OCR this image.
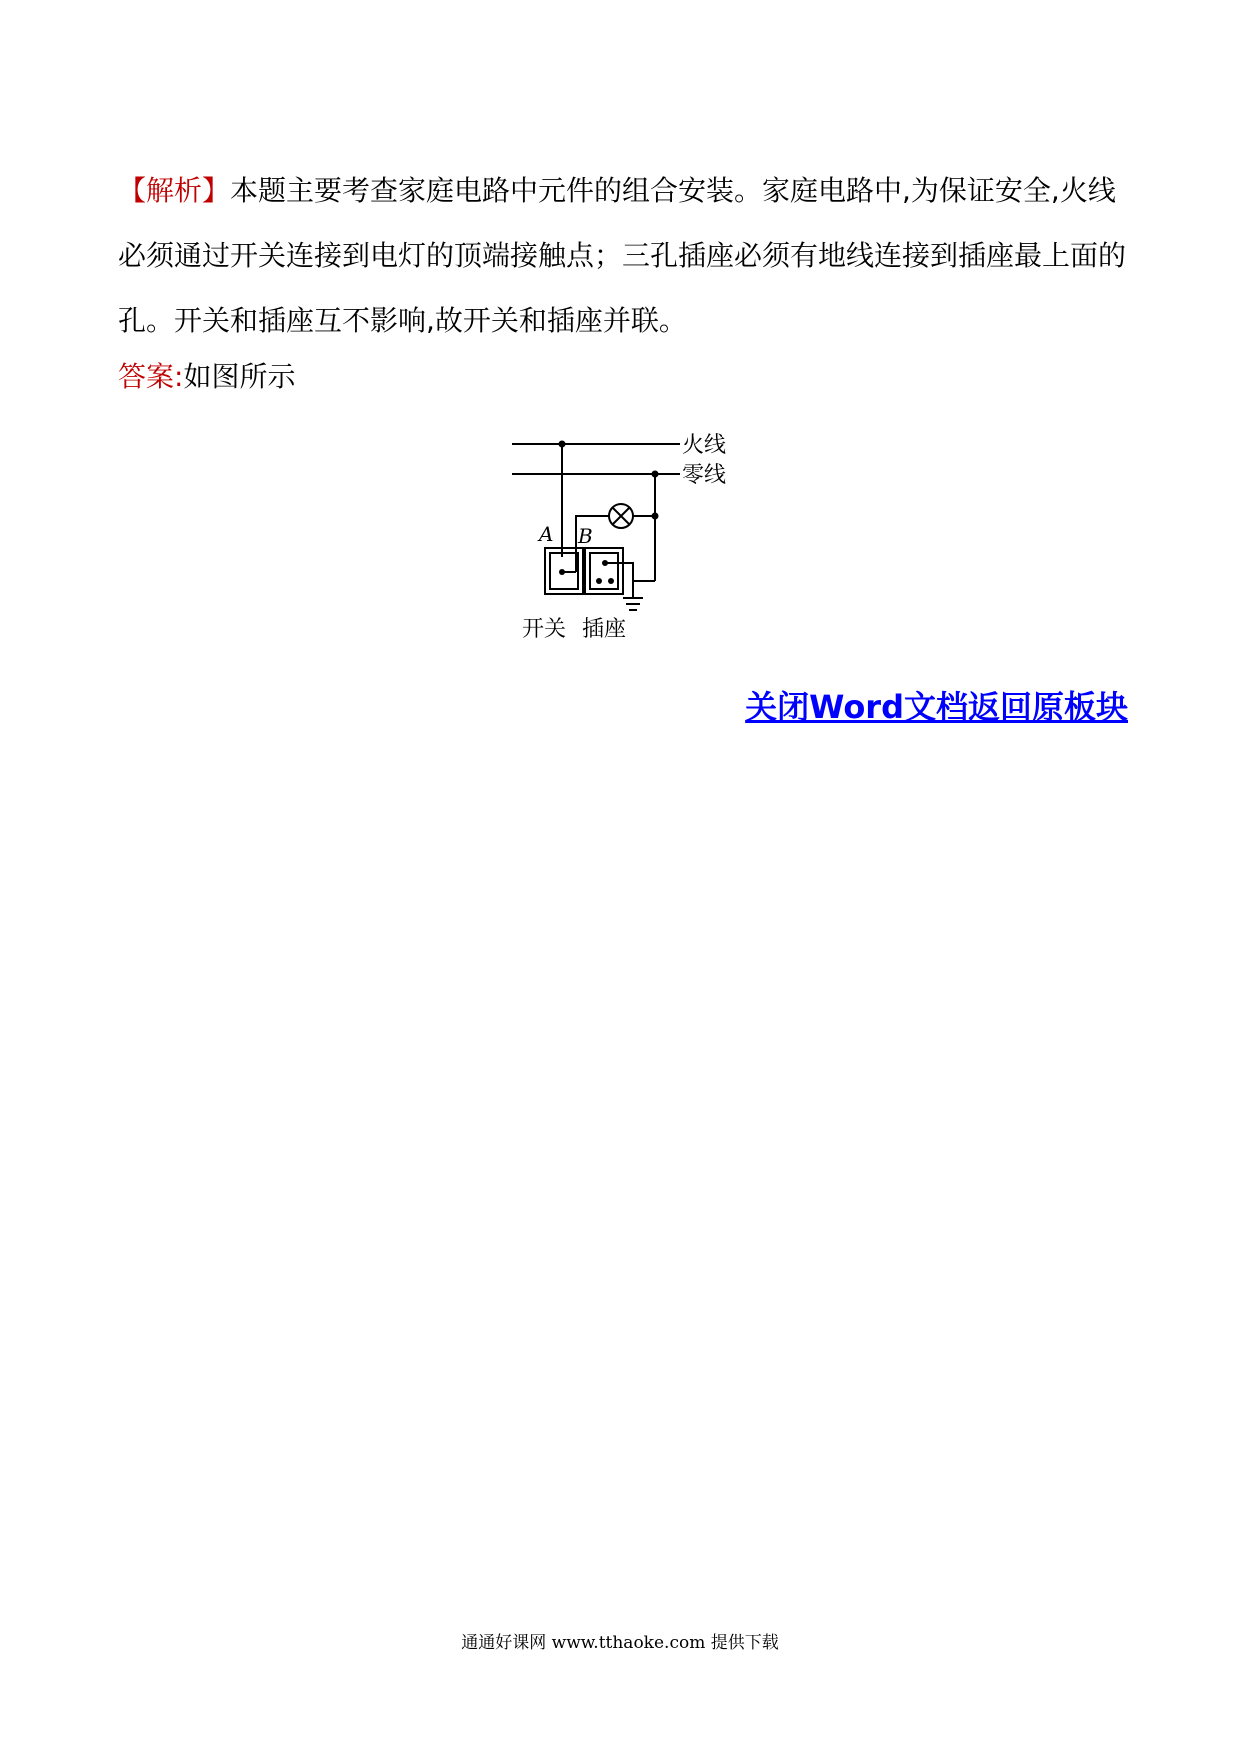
【解析】本题主要考查家庭电路中元件的组合安装。家庭电路中,为保证安全,火线必须通过开关连接到电灯的顶端接触点；三孔插座必须有地线连接到插座最上面的孔。开关和插座互不影响,故开关和插座并联。

答案:如图所示

火线
零线
A B
开关 插座

关闭Word文档返回原板块

通通好课网 www.tthaoke.com 提供下载
